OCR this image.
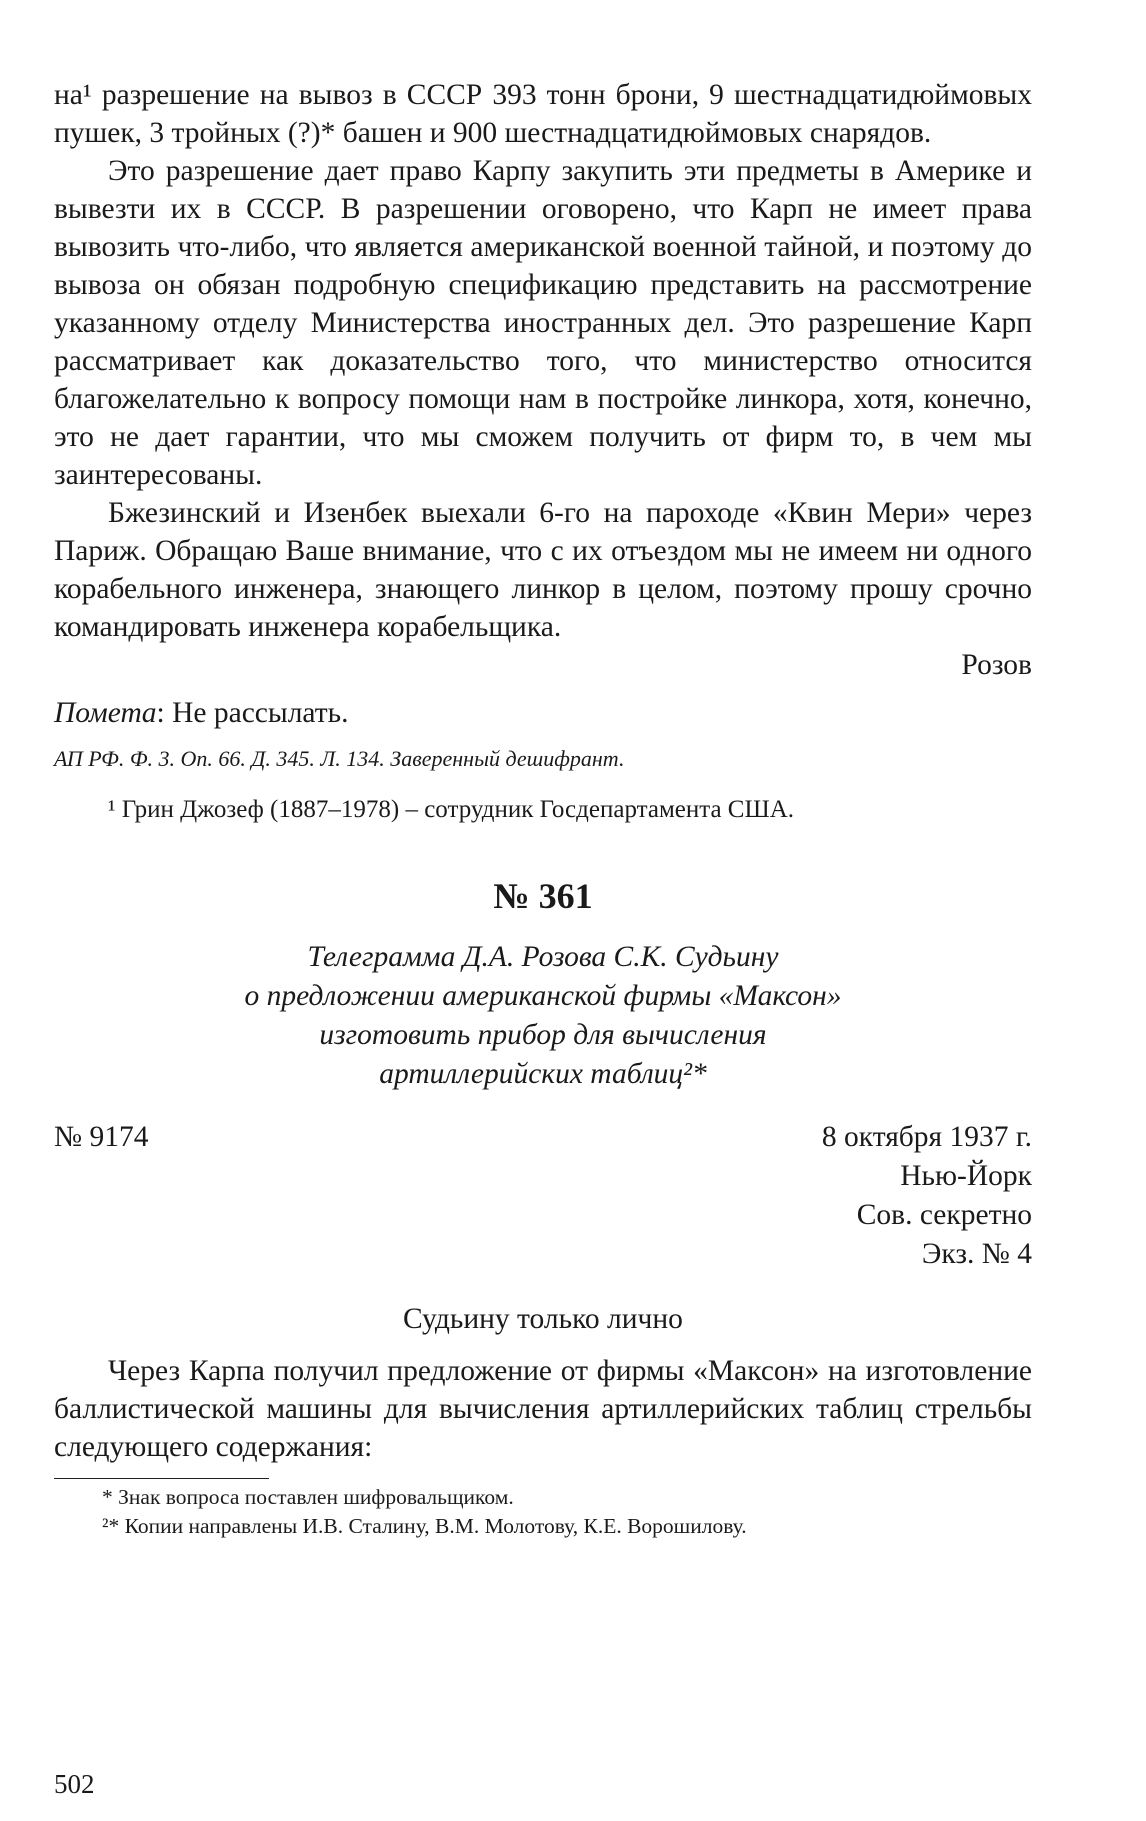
на¹ разрешение на вывоз в СССР 393 тонн брони, 9 шестнадцатидюймовых пушек, 3 тройных (?)* башен и 900 шестнадцатидюймовых снарядов.

Это разрешение дает право Карпу закупить эти предметы в Америке и вывезти их в СССР. В разрешении оговорено, что Карп не имеет права вывозить что-либо, что является американской военной тайной, и поэтому до вывоза он обязан подробную спецификацию представить на рассмотрение указанному отделу Министерства иностранных дел. Это разрешение Карп рассматривает как доказательство того, что министерство относится благожелательно к вопросу помощи нам в постройке линкора, хотя, конечно, это не дает гарантии, что мы сможем получить от фирм то, в чем мы заинтересованы.

Бжезинский и Изенбек выехали 6-го на пароходе «Квин Мери» через Париж. Обращаю Ваше внимание, что с их отъездом мы не имеем ни одного корабельного инженера, знающего линкор в целом, поэтому прошу срочно командировать инженера корабельщика.

Розов

Пометa: Не рассылать.

АП РФ. Ф. 3. Оп. 66. Д. 345. Л. 134. Заверенный дешифрант.

¹ Грин Джозеф (1887–1978) – сотрудник Госдепартамента США.

№ 361

Телеграмма Д.А. Розова С.К. Судьину
о предложении американской фирмы «Максон»
изготовить прибор для вычисления
артиллерийских таблиц²*
№ 9174	8 октября 1937 г.
Нью-Йорк
Сов. секретно
Экз. № 4

Судьину только лично

Через Карпа получил предложение от фирмы «Максон» на изготовление баллистической машины для вычисления артиллерийских таблиц стрельбы следующего содержания:

* Знак вопроса поставлен шифровальщиком.

²* Копии направлены И.В. Сталину, В.М. Молотову, К.Е. Ворошилову.

502
